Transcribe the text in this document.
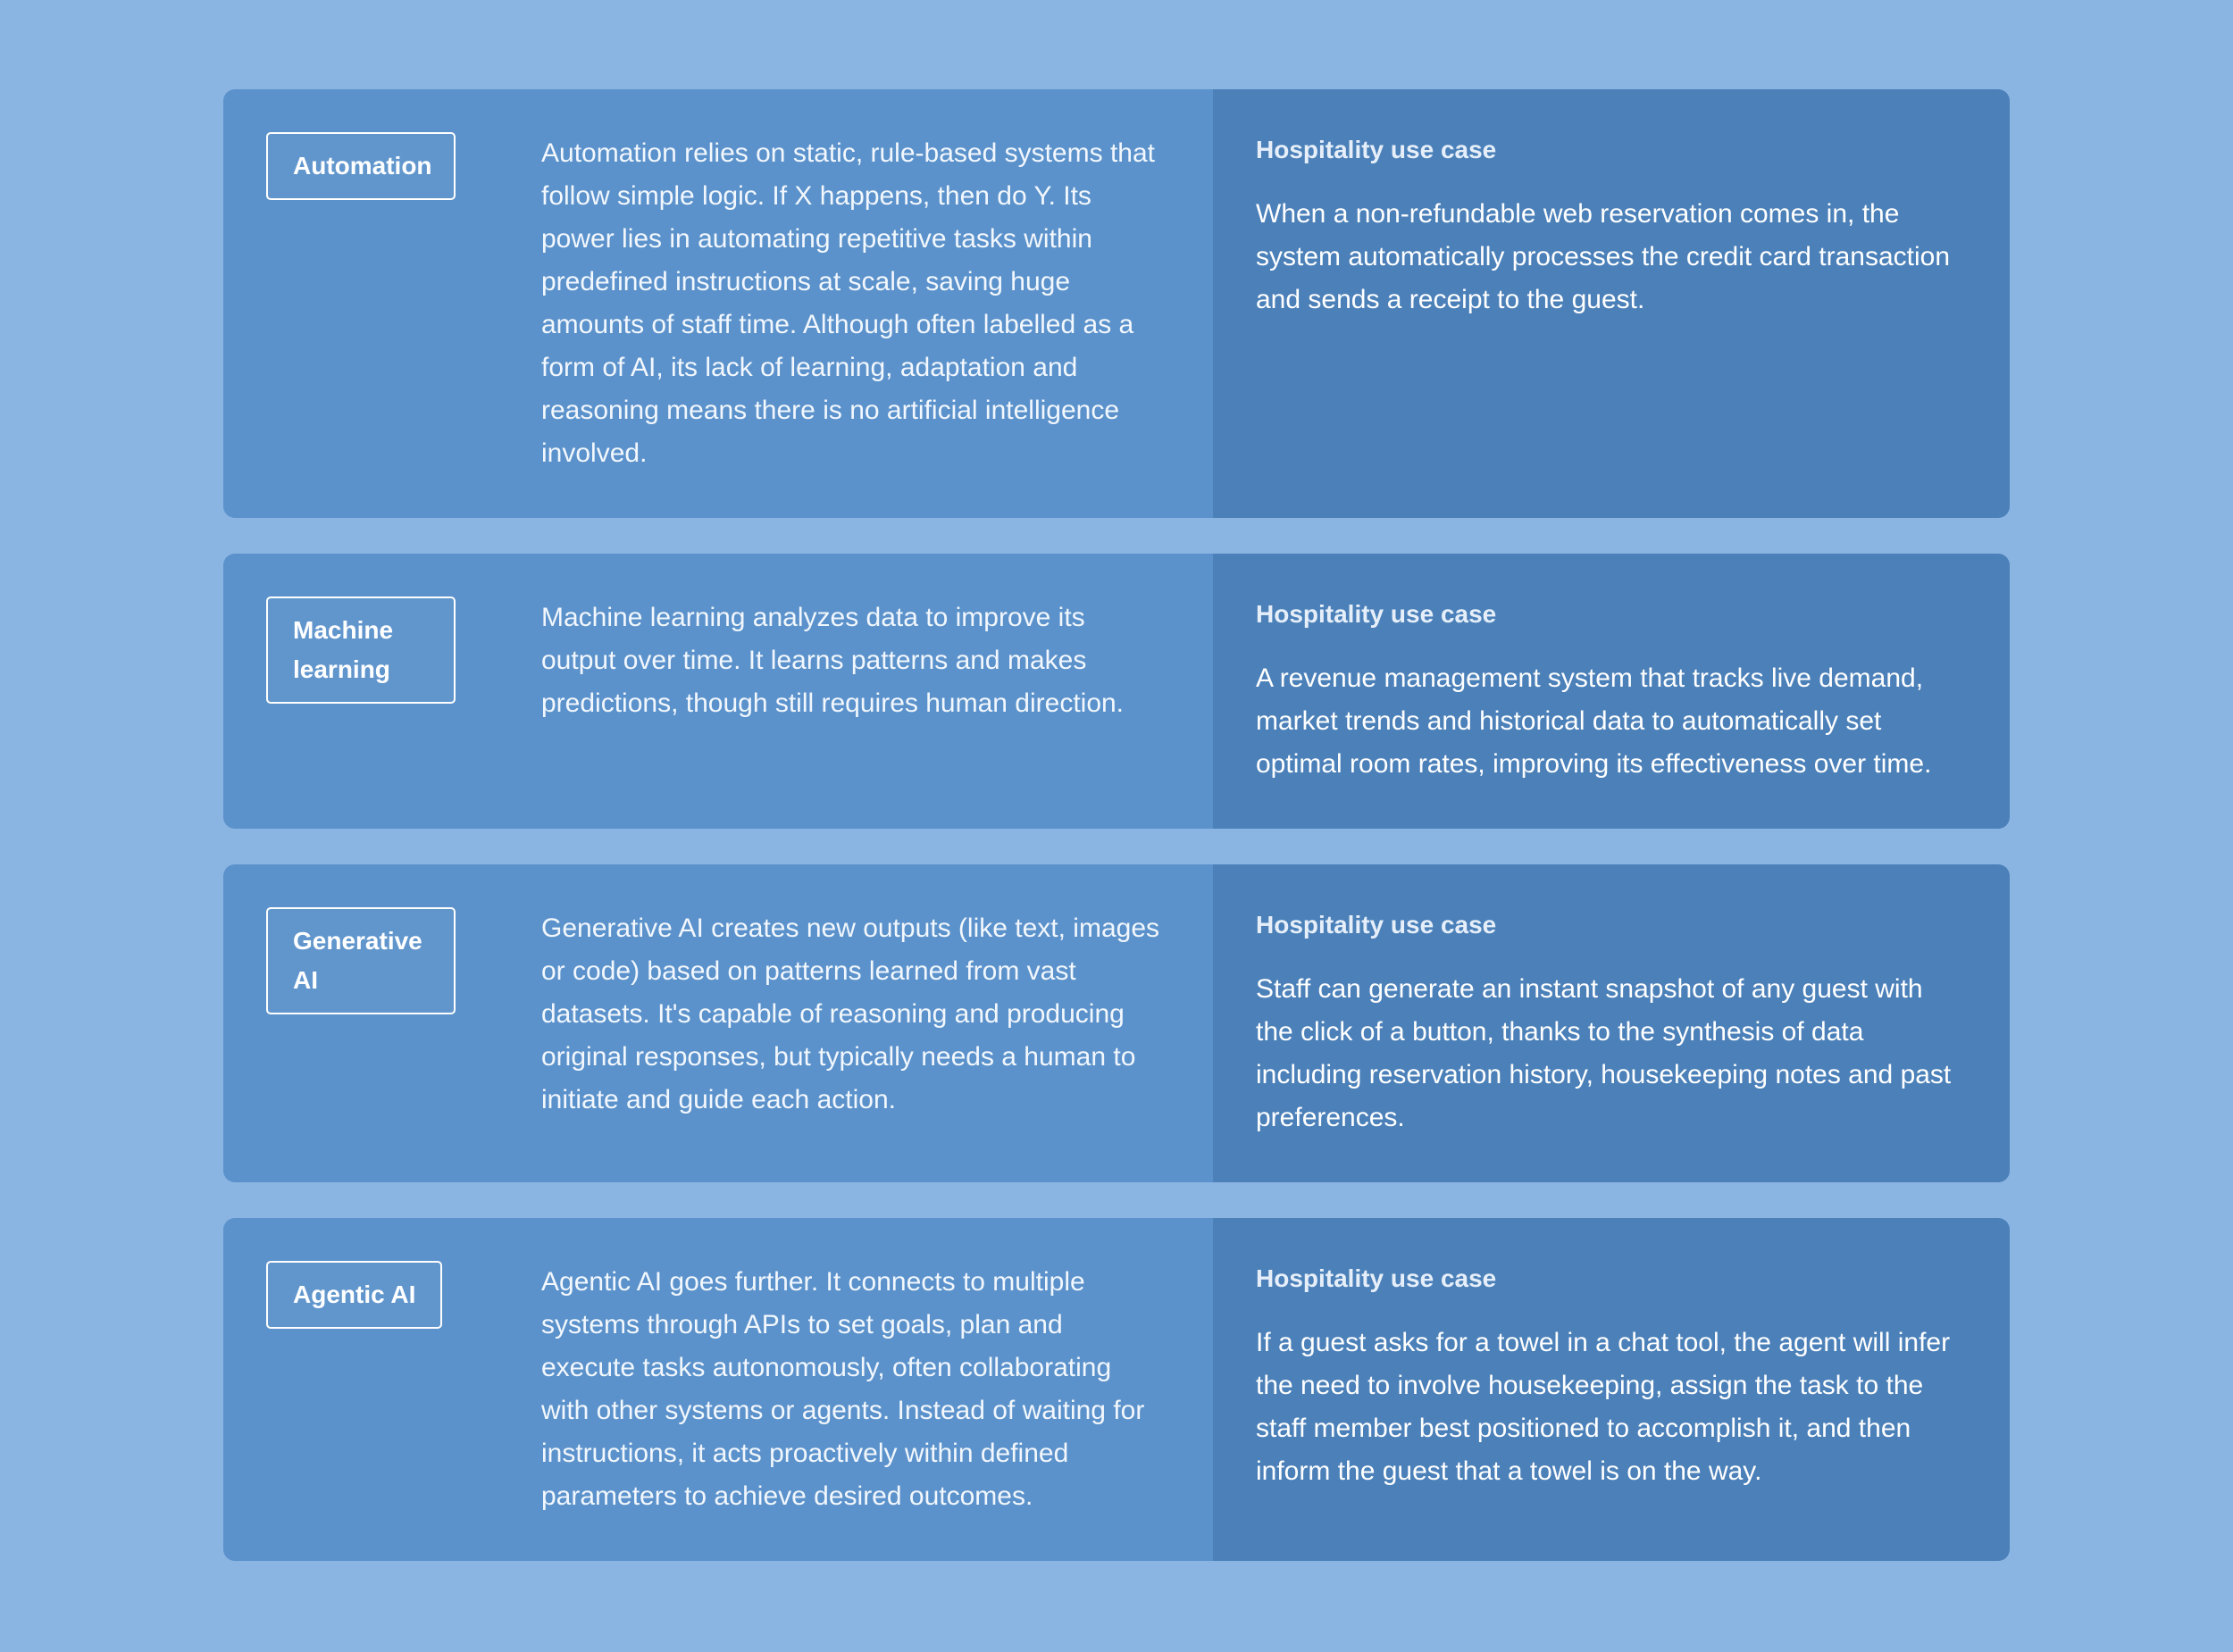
Automation	Automation relies on static, rule-based systems that follow simple logic. If X happens, then do Y. Its power lies in automating repetitive tasks within predefined instructions at scale, saving huge amounts of staff time. Although often labelled as a form of AI, its lack of learning, adaptation and reasoning means there is no artificial intelligence involved.
Hospitality use case
When a non-refundable web reservation comes in, the system automatically processes the credit card transaction and sends a receipt to the guest.
Machine learning
Machine learning analyzes data to improve its output over time. It learns patterns and makes predictions, though still requires human direction.
Hospitality use case
A revenue management system that tracks live demand, market trends and historical data to automatically set optimal room rates, improving its effectiveness over time.
Generative AI
Generative AI creates new outputs (like text, images or code) based on patterns learned from vast datasets. It's capable of reasoning and producing original responses, but typically needs a human to initiate and guide each action.
Hospitality use case
Staff can generate an instant snapshot of any guest with the click of a button, thanks to the synthesis of data including reservation history, housekeeping notes and past preferences.
Agentic AI	Agentic AI goes further. It connects to multiple systems through APIs to set goals, plan and execute tasks autonomously, often collaborating with other systems or agents. Instead of waiting for instructions, it acts proactively within defined parameters to achieve desired outcomes.
Hospitality use case
If a guest asks for a towel in a chat tool, the agent will infer the need to involve housekeeping, assign the task to the staff member best positioned to accomplish it, and then inform the guest that a towel is on the way.
